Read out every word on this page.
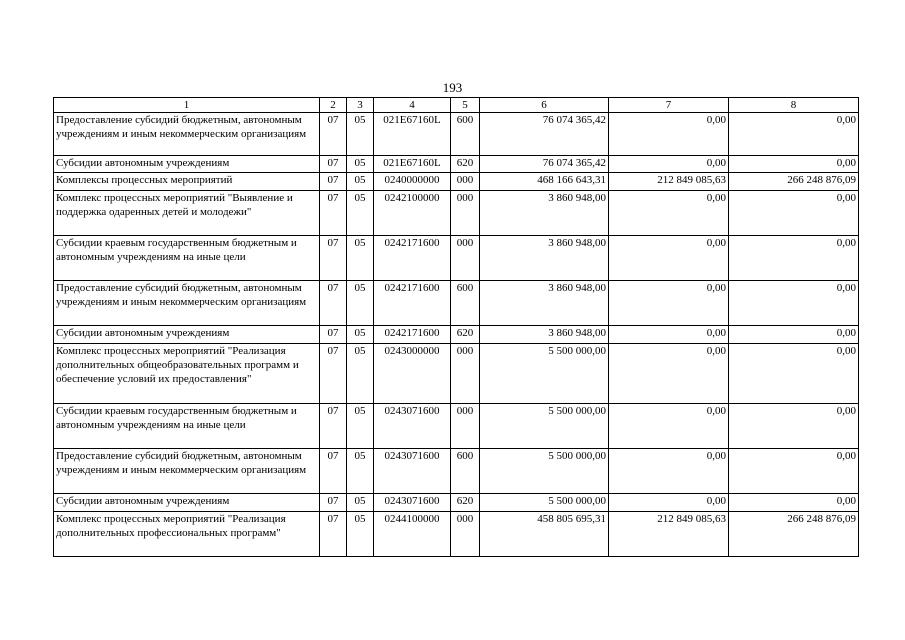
193
1	2	3	4	5	6	7	8
Предоставление субсидий бюджетным, автономным учреждениям и иным некоммерческим организациям	07	05	021Е67160L	600	76 074 365,42	0,00	0,00
Субсидии автономным учреждениям	07	05	021Е67160L	620	76 074 365,42	0,00	0,00
Комплексы процессных мероприятий	07	05	0240000000	000	468 166 643,31	212 849 085,63	266 248 876,09
Комплекс процессных мероприятий "Выявление и поддержка одаренных детей и молодежи"	07	05	0242100000	000	3 860 948,00	0,00	0,00
Субсидии краевым государственным бюджетным и автономным учреждениям на иные цели	07	05	0242171600	000	3 860 948,00	0,00	0,00
Предоставление субсидий бюджетным, автономным учреждениям и иным некоммерческим организациям	07	05	0242171600	600	3 860 948,00	0,00	0,00
Субсидии автономным учреждениям	07	05	0242171600	620	3 860 948,00	0,00	0,00
Комплекс процессных мероприятий "Реализация дополнительных общеобразовательных программ и обеспечение условий их предоставления"	07	05	0243000000	000	5 500 000,00	0,00	0,00
Субсидии краевым государственным бюджетным и автономным учреждениям на иные цели	07	05	0243071600	000	5 500 000,00	0,00	0,00
Предоставление субсидий бюджетным, автономным учреждениям и иным некоммерческим организациям	07	05	0243071600	600	5 500 000,00	0,00	0,00
Субсидии автономным учреждениям	07	05	0243071600	620	5 500 000,00	0,00	0,00
Комплекс процессных мероприятий "Реализация дополнительных профессиональных программ"	07	05	0244100000	000	458 805 695,31	212 849 085,63	266 248 876,09
